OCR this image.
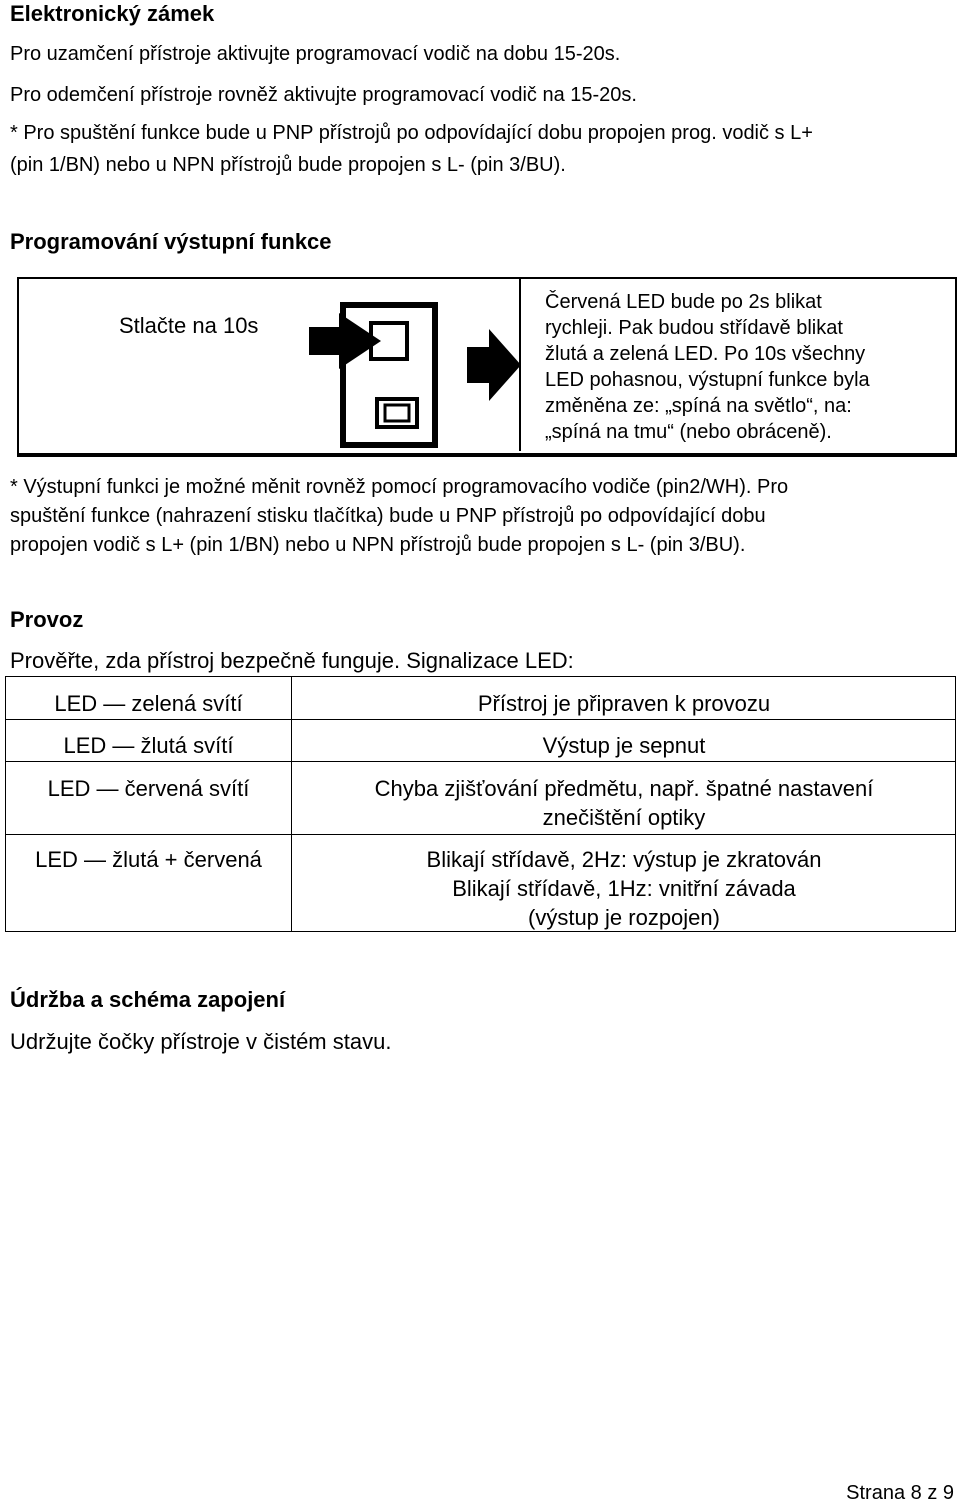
Elektronický zámek
Pro uzamčení přístroje aktivujte programovací vodič na dobu 15-20s.
Pro odemčení přístroje rovněž aktivujte programovací vodič na 15-20s.
* Pro spuštění funkce bude u PNP přístrojů po odpovídající dobu propojen prog. vodič s L+
(pin 1/BN) nebo u NPN přístrojů bude propojen s L- (pin 3/BU).
Programování výstupní funkce
Stlačte na 10s
Červená LED bude po 2s blikat
rychleji. Pak budou střídavě blikat
žlutá a zelená LED. Po 10s všechny
LED pohasnou, výstupní funkce byla
změněna ze: „spíná na světlo“, na:
„spíná na tmu“ (nebo obráceně).
* Výstupní funkci je možné měnit rovněž pomocí programovacího vodiče (pin2/WH). Pro
spuštění funkce (nahrazení stisku tlačítka) bude u PNP přístrojů po odpovídající dobu
propojen vodič s L+ (pin 1/BN) nebo u NPN přístrojů bude propojen s L- (pin 3/BU).
Provoz
Prověřte, zda přístroj bezpečně funguje. Signalizace LED:
LED — zelená svítí	Přístroj je připraven k provozu
LED — žlutá svítí	Výstup je sepnut
LED — červená svítí	Chyba zjišťování předmětu, např. špatné nastavení
znečištění optiky
LED — žlutá + červená	Blikají střídavě, 2Hz: výstup je zkratován
Blikají střídavě, 1Hz: vnitřní závada
(výstup je rozpojen)
Údržba a schéma zapojení
Udržujte čočky přístroje v čistém stavu.
Strana 8 z 9
